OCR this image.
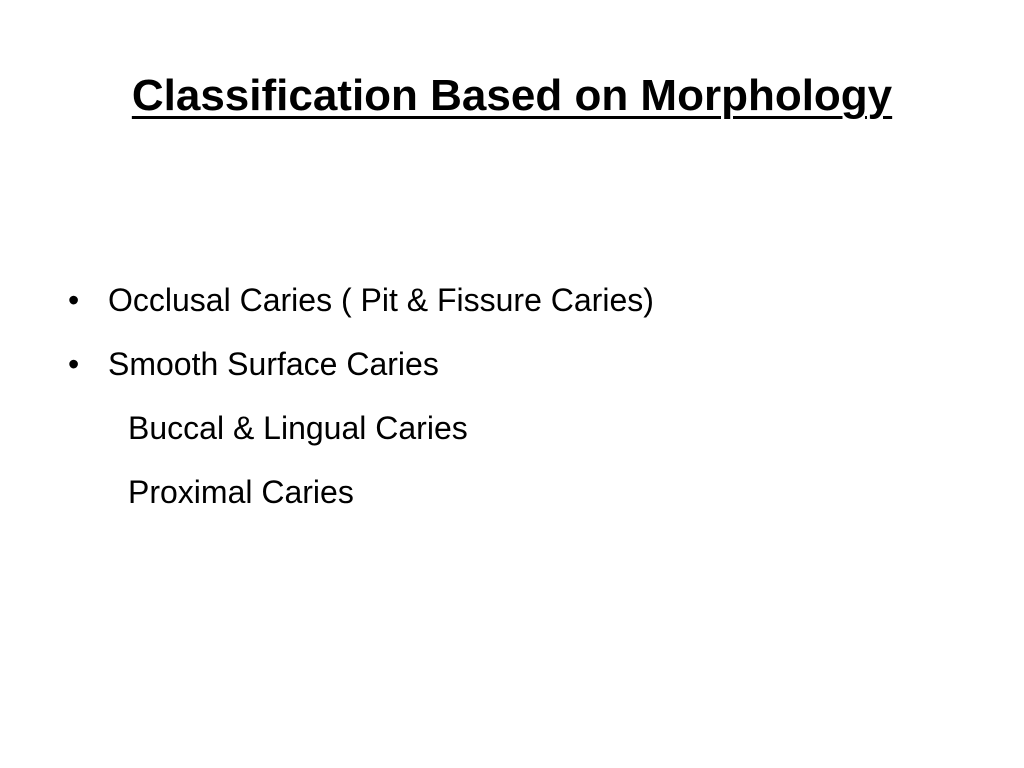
Classification Based on Morphology
• Occlusal Caries ( Pit & Fissure Caries)
• Smooth Surface Caries
Buccal & Lingual Caries
Proximal Caries
